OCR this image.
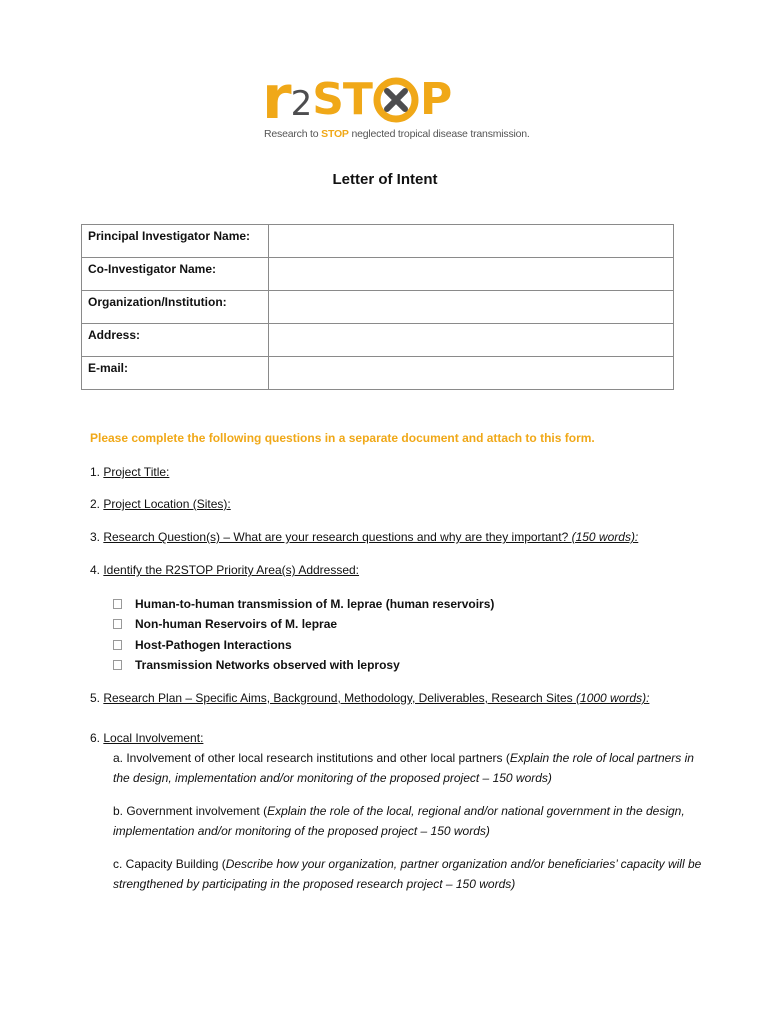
r 2 ST P
Research to STOP neglected tropical disease transmission.
Letter of Intent
Principal Investigator Name:	
Co-Investigator Name:	
Organization/Institution:	
Address:	
E-mail:	
Please complete the following questions in a separate document and attach to this form.
1. Project Title:
2. Project Location (Sites):
3. Research Question(s) – What are your research questions and why are they important? (150 words):
4. Identify the R2STOP Priority Area(s) Addressed:
Human-to-human transmission of M. leprae (human reservoirs)
Non-human Reservoirs of M. leprae
Host-Pathogen Interactions
Transmission Networks observed with leprosy
5. Research Plan – Specific Aims, Background, Methodology, Deliverables, Research Sites (1000 words):
6. Local Involvement:
a. Involvement of other local research institutions and other local partners (Explain the role of local partners in the design, implementation and/or monitoring of the proposed project – 150 words)
b. Government involvement (Explain the role of the local, regional and/or national government in the design, implementation and/or monitoring of the proposed project – 150 words)
c. Capacity Building (Describe how your organization, partner organization and/or beneficiaries’ capacity will be strengthened by participating in the proposed research project – 150 words)
